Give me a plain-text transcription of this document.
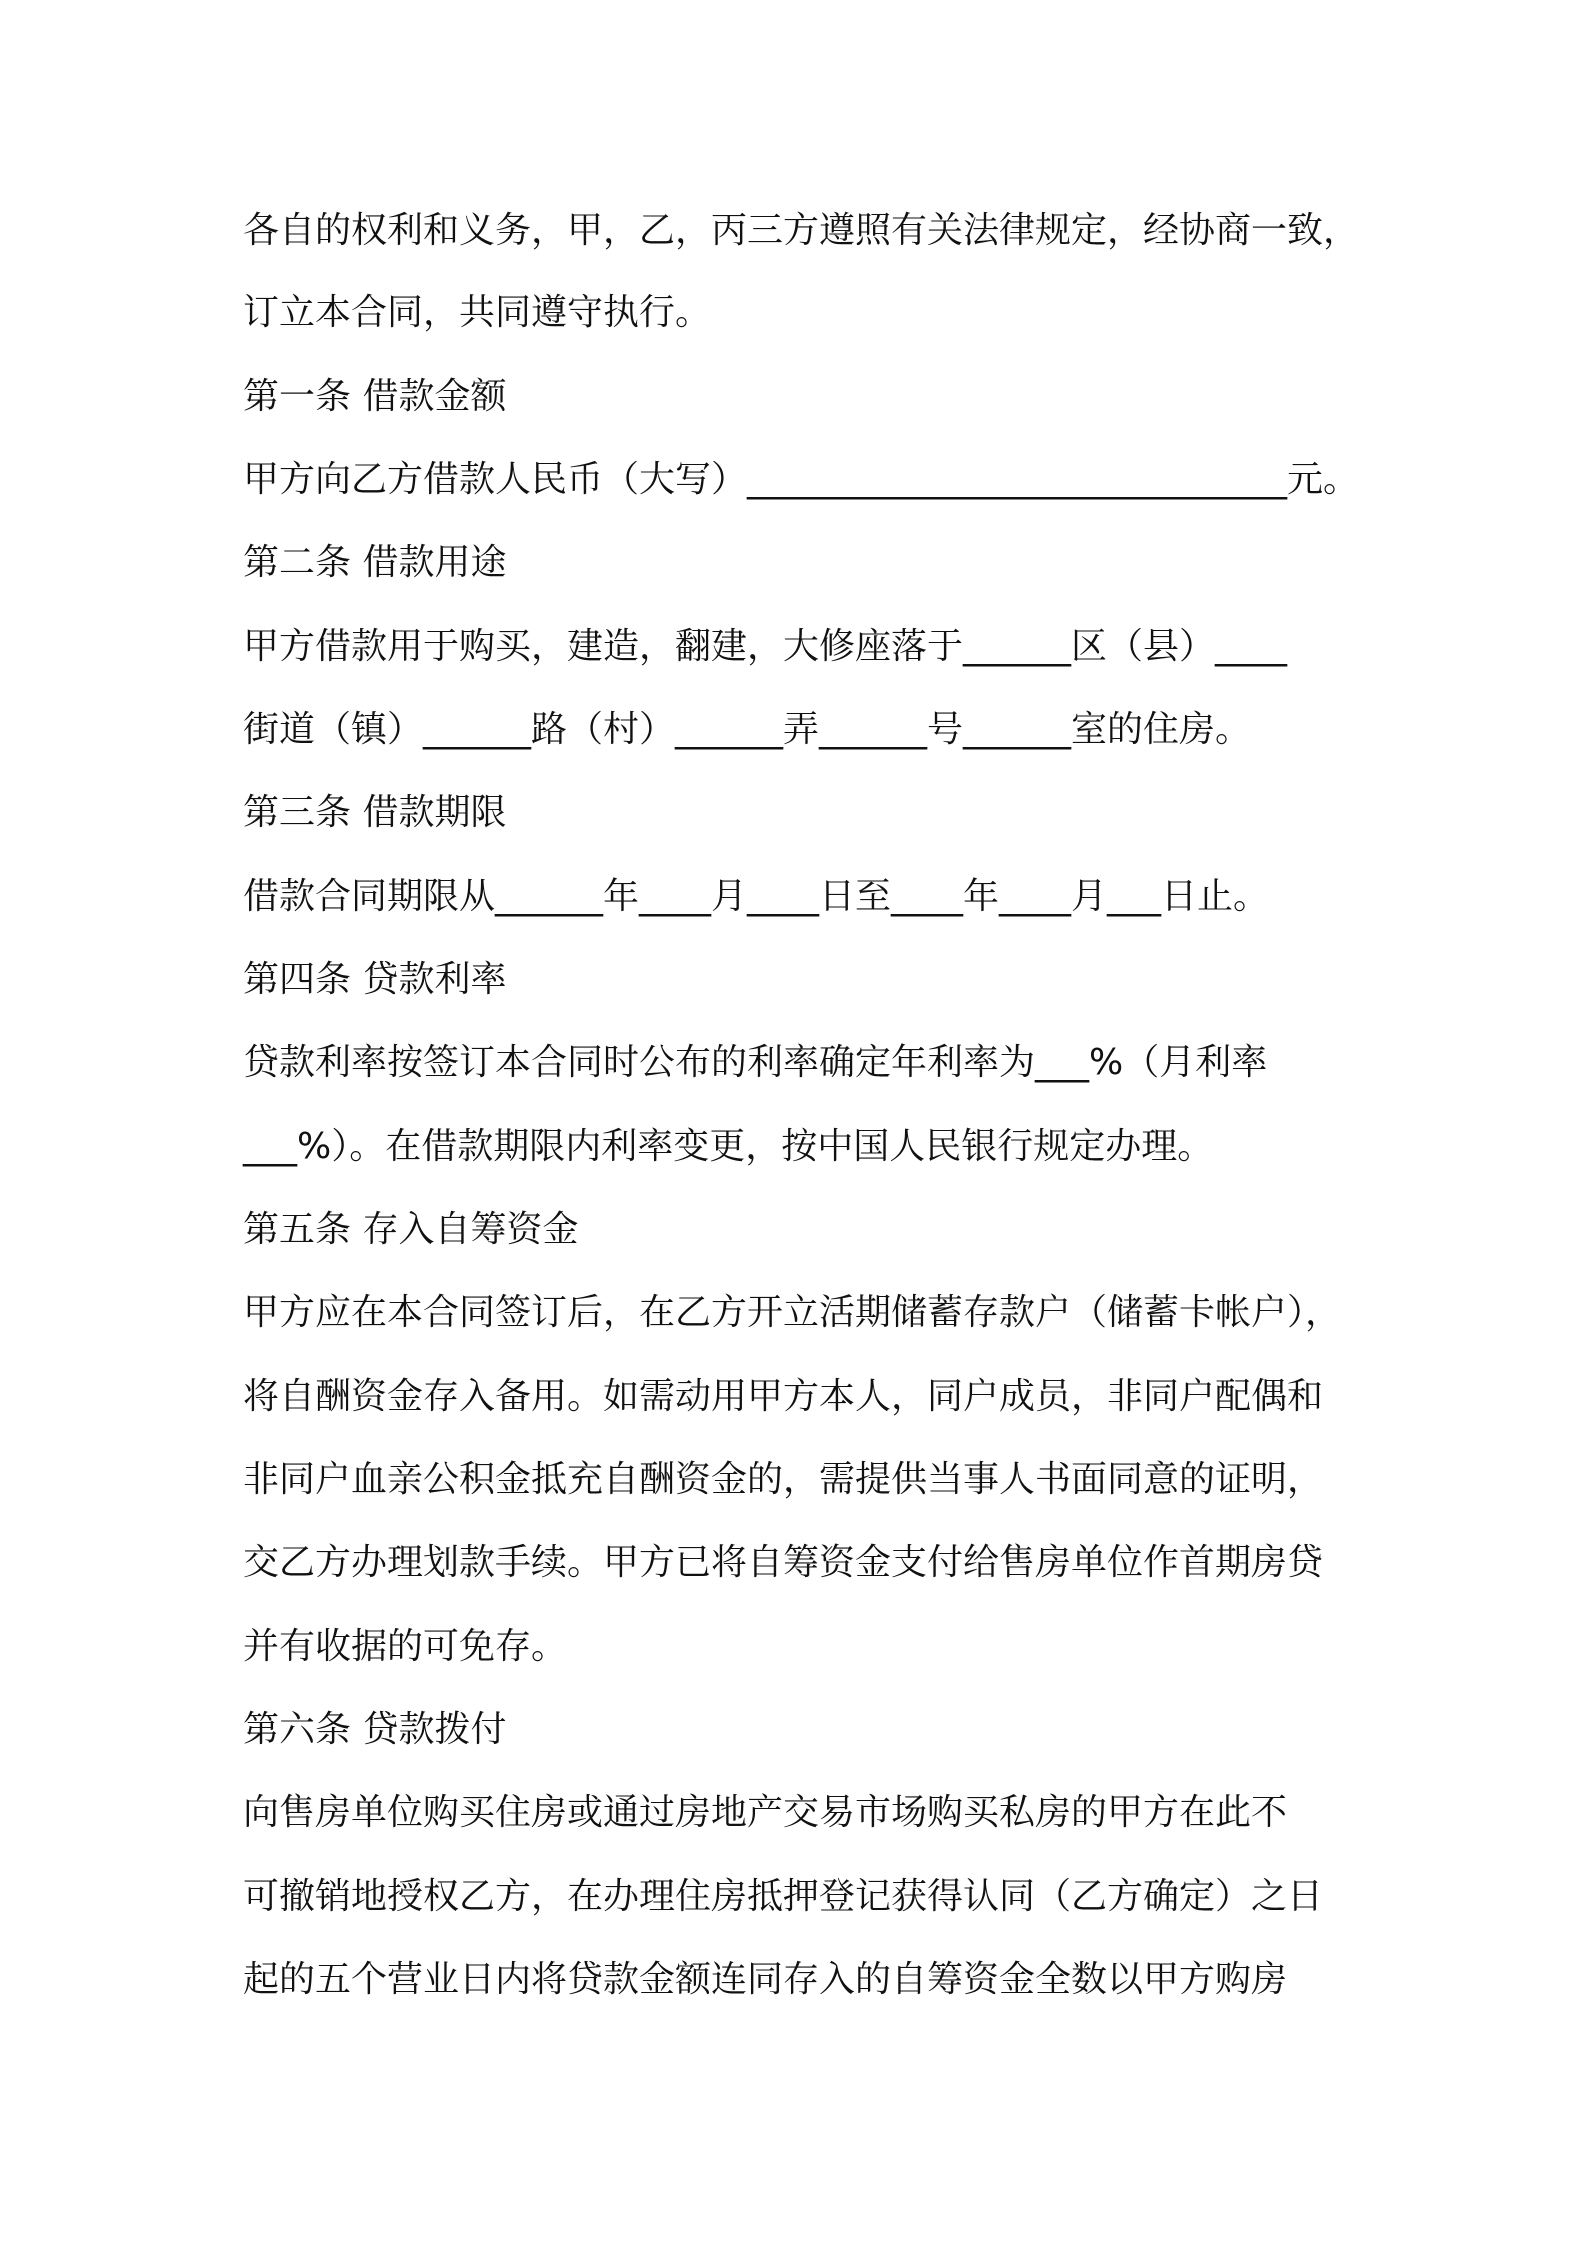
各自的权利和义务，甲，乙，丙三方遵照有关法律规定，经协商一致，

订立本合同，共同遵守执行。

第一条 借款金额

甲方向乙方借款人民币（大写）______________________________元。

第二条 借款用途

甲方借款用于购买，建造，翻建，大修座落于______区（县）____

街道（镇）______路（村）______弄______号______室的住房。

第三条 借款期限

借款合同期限从______年____月____日至____年____月___日止。

第四条 贷款利率

贷款利率按签订本合同时公布的利率确定年利率为___%（月利率

___%）。在借款期限内利率变更，按中国人民银行规定办理。

第五条 存入自筹资金

甲方应在本合同签订后，在乙方开立活期储蓄存款户（储蓄卡帐户），

将自酬资金存入备用。如需动用甲方本人，同户成员，非同户配偶和

非同户血亲公积金抵充自酬资金的，需提供当事人书面同意的证明，

交乙方办理划款手续。甲方已将自筹资金支付给售房单位作首期房贷

并有收据的可免存。

第六条 贷款拨付

向售房单位购买住房或通过房地产交易市场购买私房的甲方在此不

可撤销地授权乙方，在办理住房抵押登记获得认同（乙方确定）之日

起的五个营业日内将贷款金额连同存入的自筹资金全数以甲方购房
